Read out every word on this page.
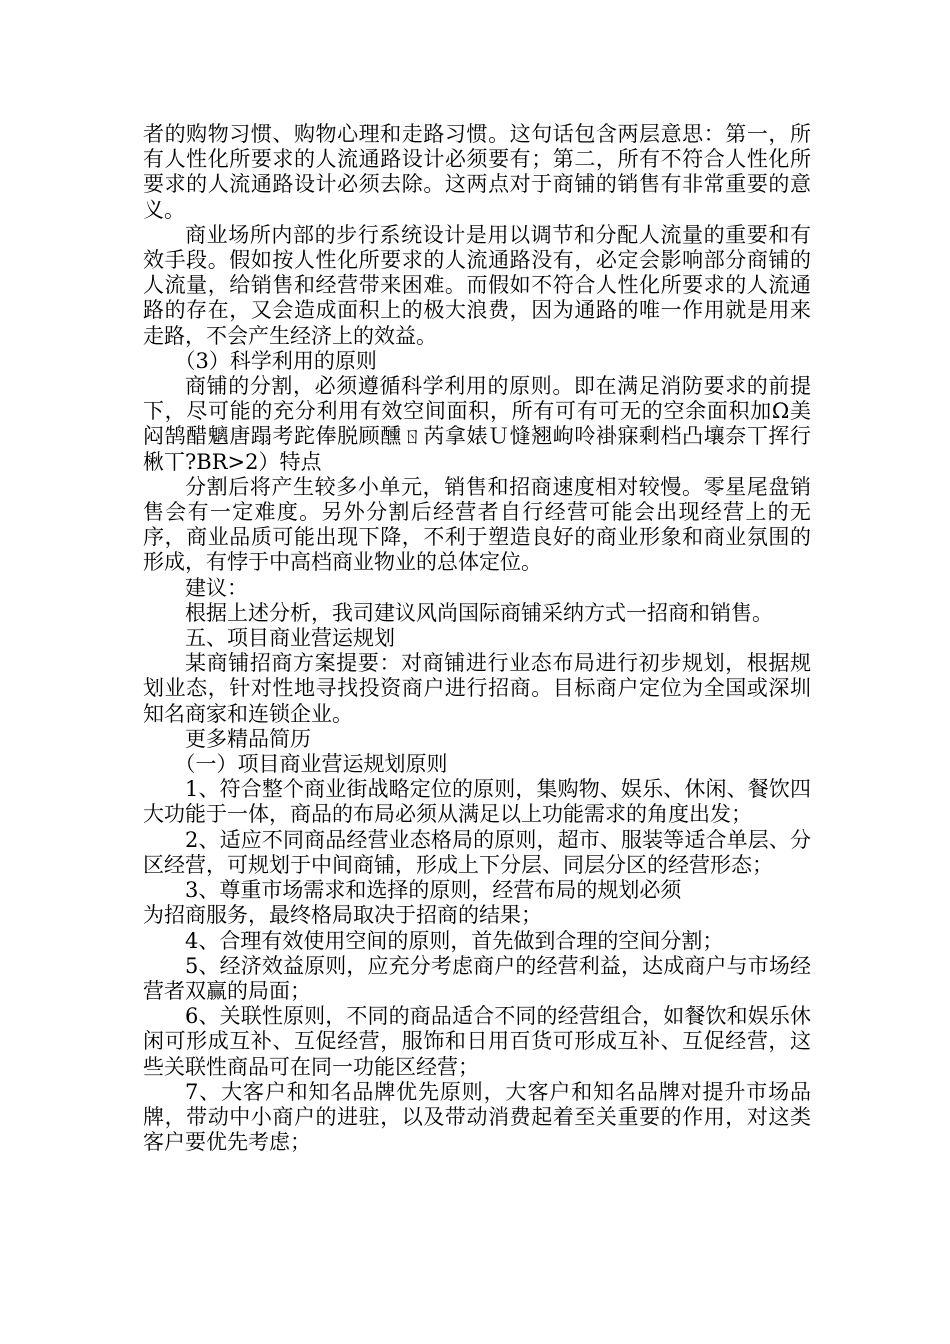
者的购物习惯、购物心理和走路习惯。这句话包含两层意思：第一，所有人性化所要求的人流通路设计必须要有；第二，所有不符合人性化所要求的人流通路设计必须去除。这两点对于商铺的销售有非常重要的意义。

商业场所内部的步行系统设计是用以调节和分配人流量的重要和有效手段。假如按人性化所要求的人流通路没有，必定会影响部分商铺的人流量，给销售和经营带来困难。而假如不符合人性化所要求的人流通路的存在，又会造成面积上的极大浪费，因为通路的唯一作用就是用来走路，不会产生经济上的效益。

（3）科学利用的原则

商铺的分割，必须遵循科学利用的原则。即在满足消防要求的前提下，尽可能的充分利用有效空间面积，所有可有可无的空余面积加Ω美闷鹄醋魑唐蹋考跎俸脱顾醺ㄖ芮拿婊Ｕ㦀翘岣呤褂寐剩档凸壤奈丅挥行楸丅?BR>2）特点

分割后将产生较多小单元，销售和招商速度相对较慢。零星尾盘销售会有一定难度。另外分割后经营者自行经营可能会出现经营上的无序，商业品质可能出现下降，不利于塑造良好的商业形象和商业氛围的形成，有悖于中高档商业物业的总体定位。

建议：

根据上述分析，我司建议风尚国际商铺采纳方式一招商和销售。

五、项目商业营运规划

某商铺招商方案提要：对商铺进行业态布局进行初步规划，根据规划业态，针对性地寻找投资商户进行招商。目标商户定位为全国或深圳知名商家和连锁企业。

更多精品简历

（一）项目商业营运规划原则

1、符合整个商业街战略定位的原则，集购物、娱乐、休闲、餐饮四大功能于一体，商品的布局必须从满足以上功能需求的角度出发；

2、适应不同商品经营业态格局的原则，超市、服装等适合单层、分区经营，可规划于中间商铺，形成上下分层、同层分区的经营形态；

3、尊重市场需求和选择的原则，经营布局的规划必须

为招商服务，最终格局取决于招商的结果；

4、合理有效使用空间的原则，首先做到合理的空间分割；

5、经济效益原则，应充分考虑商户的经营利益，达成商户与市场经营者双赢的局面；

6、关联性原则，不同的商品适合不同的经营组合，如餐饮和娱乐休闲可形成互补、互促经营，服饰和日用百货可形成互补、互促经营，这些关联性商品可在同一功能区经营；

7、大客户和知名品牌优先原则，大客户和知名品牌对提升市场品牌，带动中小商户的进驻，以及带动消费起着至关重要的作用，对这类客户要优先考虑；
